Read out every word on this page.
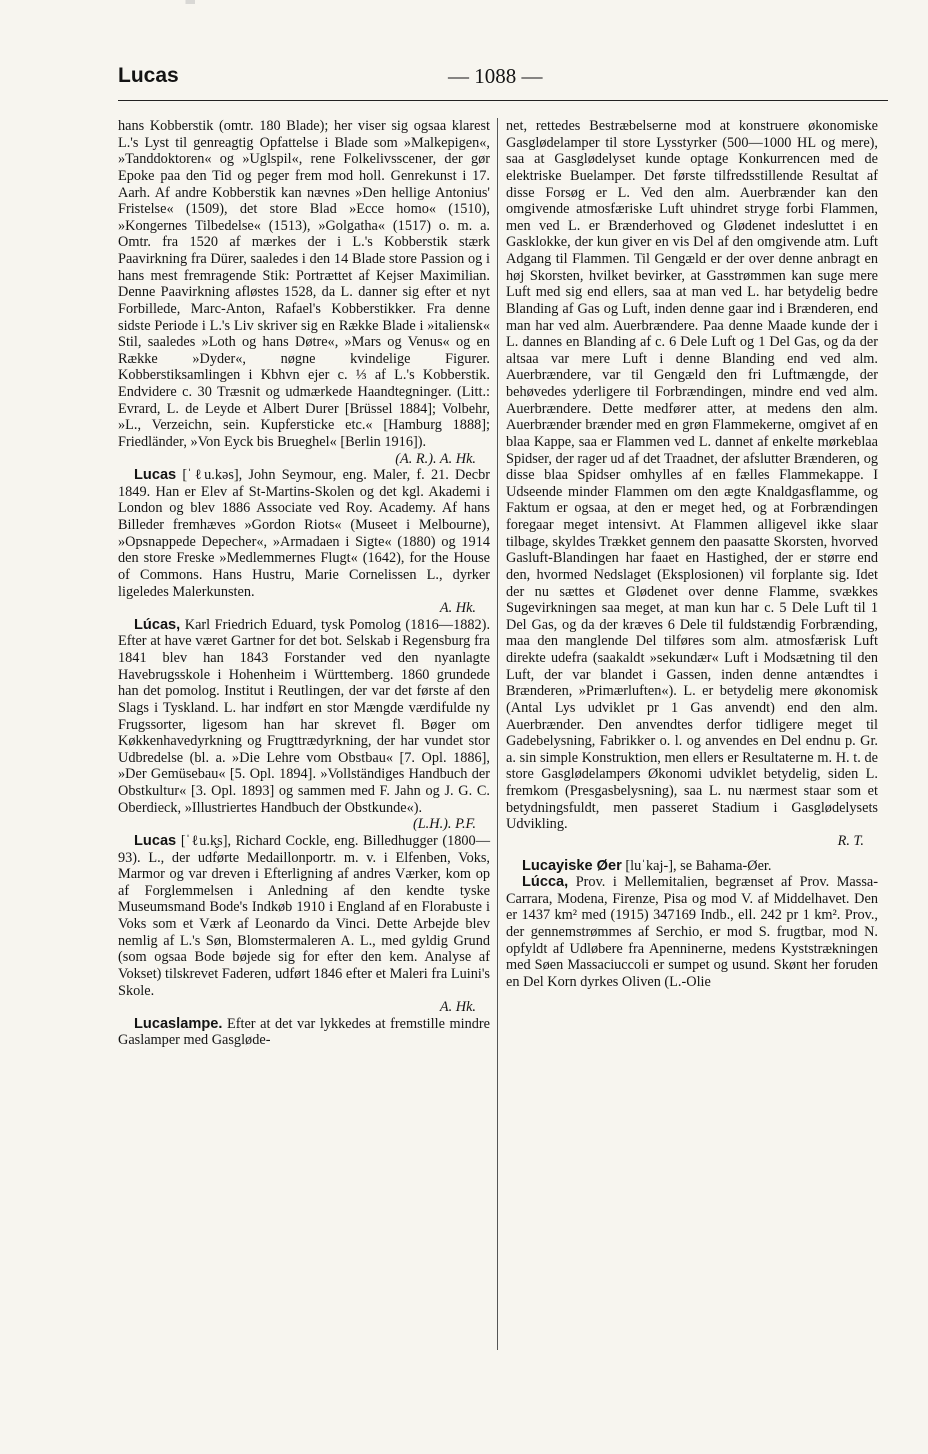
Lucas	— 1088 —

hans Kobberstik (omtr. 180 Blade); her viser sig ogsaa klarest L.'s Lyst til genreagtig Opfattelse i Blade som »Malkepigen«, »Tanddoktoren« og »Uglspil«, rene Folkelivsscener, der gør Epoke paa den Tid og peger frem mod holl. Genrekunst i 17. Aarh. Af andre Kobberstik kan nævnes »Den hellige Antonius' Fristelse« (1509), det store Blad »Ecce homo« (1510), »Kongernes Tilbedelse« (1513), »Golgatha« (1517) o. m. a. Omtr. fra 1520 af mærkes der i L.'s Kobberstik stærk Paavirkning fra Dürer, saaledes i den 14 Blade store Passion og i hans mest fremragende Stik: Portrættet af Kejser Maximilian. Denne Paavirkning afløstes 1528, da L. danner sig efter et nyt Forbillede, Marc-Anton, Rafael's Kobberstikker. Fra denne sidste Periode i L.'s Liv skriver sig en Række Blade i »italiensk« Stil, saaledes »Loth og hans Døtre«, »Mars og Venus« og en Række »Dyder«, nøgne kvindelige Figurer. Kobberstiksamlingen i Kbhvn ejer c. ⅓ af L.'s Kobberstik. Endvidere c. 30 Træsnit og udmærkede Haandtegninger. (Litt.: Evrard, L. de Leyde et Albert Durer [Brüssel 1884]; Volbehr, »L., Verzeichn, sein. Kupfersticke etc.« [Hamburg 1888]; Friedländer, »Von Eyck bis Brueghel« [Berlin 1916]).

(A. R.). A. Hk.

Lucas [ˈℓu.kəs], John Seymour, eng. Maler, f. 21. Decbr 1849. Han er Elev af St-Martins-Skolen og det kgl. Akademi i London og blev 1886 Associate ved Roy. Academy. Af hans Billeder fremhæves »Gordon Riots« (Museet i Melbourne), »Opsnappede Depecher«, »Armadaen i Sigte« (1880) og 1914 den store Freske »Medlemmernes Flugt« (1642), for the House of Commons. Hans Hustru, Marie Cornelissen L., dyrker ligeledes Malerkunsten.

A. Hk.

Lúcas, Karl Friedrich Eduard, tysk Pomolog (1816—1882). Efter at have været Gartner for det bot. Selskab i Regensburg fra 1841 blev han 1843 Forstander ved den nyanlagte Havebrugsskole i Hohenheim i Württemberg. 1860 grundede han det pomolog. Institut i Reutlingen, der var det første af den Slags i Tyskland. L. har indført en stor Mængde værdifulde ny Frugssorter, ligesom han har skrevet fl. Bøger om Køkkenhavedyrkning og Frugttrædyrkning, der har vundet stor Udbredelse (bl. a. »Die Lehre vom Obstbau« [7. Opl. 1886], »Der Gemüsebau« [5. Opl. 1894]. »Vollständiges Handbuch der Obstkultur« [3. Opl. 1893] og sammen med F. Jahn og J. G. C. Oberdieck, »Illustriertes Handbuch der Obstkunde«).

(L.H.). P.F.

Lucas [ˈℓu.k̬s], Richard Cockle, eng. Billedhugger (1800—93). L., der udførte Medaillonportr. m. v. i Elfenben, Voks, Marmor og var dreven i Efterligning af andres Værker, kom op af Forglemmelsen i Anledning af den kendte tyske Museumsmand Bode's Indkøb 1910 i England af en Florabuste i Voks som et Værk af Leonardo da Vinci. Dette Arbejde blev nemlig af L.'s Søn, Blomstermaleren A. L., med gyldig Grund (som ogsaa Bode bøjede sig for efter den kem. Analyse af Vokset) tilskrevet Faderen, udført 1846 efter et Maleri fra Luini's Skole.

A. Hk.

Lucaslampe. Efter at det var lykkedes at fremstille mindre Gaslamper med Gasgløde-

net, rettedes Bestræbelserne mod at konstruere økonomiske Gasglødelamper til store Lysstyrker (500—1000 HL og mere), saa at Gasglødelyset kunde optage Konkurrencen med de elektriske Buelamper. Det første tilfredsstillende Resultat af disse Forsøg er L. Ved den alm. Auerbrænder kan den omgivende atmosfæriske Luft uhindret stryge forbi Flammen, men ved L. er Brænderhoved og Glødenet indesluttet i en Gasklokke, der kun giver en vis Del af den omgivende atm. Luft Adgang til Flammen. Til Gengæld er der over denne anbragt en høj Skorsten, hvilket bevirker, at Gasstrømmen kan suge mere Luft med sig end ellers, saa at man ved L. har betydelig bedre Blanding af Gas og Luft, inden denne gaar ind i Brænderen, end man har ved alm. Auerbrændere. Paa denne Maade kunde der i L. dannes en Blanding af c. 6 Dele Luft og 1 Del Gas, og da der altsaa var mere Luft i denne Blanding end ved alm. Auerbrændere, var til Gengæld den fri Luftmængde, der behøvedes yderligere til Forbrændingen, mindre end ved alm. Auerbrændere. Dette medfører atter, at medens den alm. Auerbrænder brænder med en grøn Flammekerne, omgivet af en blaa Kappe, saa er Flammen ved L. dannet af enkelte mørkeblaa Spidser, der rager ud af det Traadnet, der afslutter Brænderen, og disse blaa Spidser omhylles af en fælles Flammekappe. I Udseende minder Flammen om den ægte Knaldgasflamme, og Faktum er ogsaa, at den er meget hed, og at Forbrændingen foregaar meget intensivt. At Flammen alligevel ikke slaar tilbage, skyldes Trækket gennem den paasatte Skorsten, hvorved Gasluft-Blandingen har faaet en Hastighed, der er større end den, hvormed Nedslaget (Eksplosionen) vil forplante sig. Idet der nu sættes et Glødenet over denne Flamme, svækkes Sugevirkningen saa meget, at man kun har c. 5 Dele Luft til 1 Del Gas, og da der kræves 6 Dele til fuldstændig Forbrænding, maa den manglende Del tilføres som alm. atmosfærisk Luft direkte udefra (saakaldt »sekundær« Luft i Modsætning til den Luft, der var blandet i Gassen, inden denne antændtes i Brænderen, »Primærluften«). L. er betydelig mere økonomisk (Antal Lys udviklet pr 1 Gas anvendt) end den alm. Auerbrænder. Den anvendtes derfor tidligere meget til Gadebelysning, Fabrikker o. l. og anvendes en Del endnu p. Gr. a. sin simple Konstruktion, men ellers er Resultaterne m. H. t. de store Gasglødelampers Økonomi udviklet betydelig, siden L. fremkom (Presgasbelysning), saa L. nu nærmest staar som et betydningsfuldt, men passeret Stadium i Gasglødelysets Udvikling.

R. T.

Lucayiske Øer [luˈkaj-], se Bahama-Øer.

Lúcca, Prov. i Mellemitalien, begrænset af Prov. Massa-Carrara, Modena, Firenze, Pisa og mod V. af Middelhavet. Den er 1437 km² med (1915) 347169 Indb., ell. 242 pr 1 km². Prov., der gennemstrømmes af Serchio, er mod S. frugtbar, mod N. opfyldt af Udløbere fra Apenninerne, medens Kyststrækningen med Søen Massaciuccoli er sumpet og usund. Skønt her foruden en Del Korn dyrkes Oliven (L.-Olie
